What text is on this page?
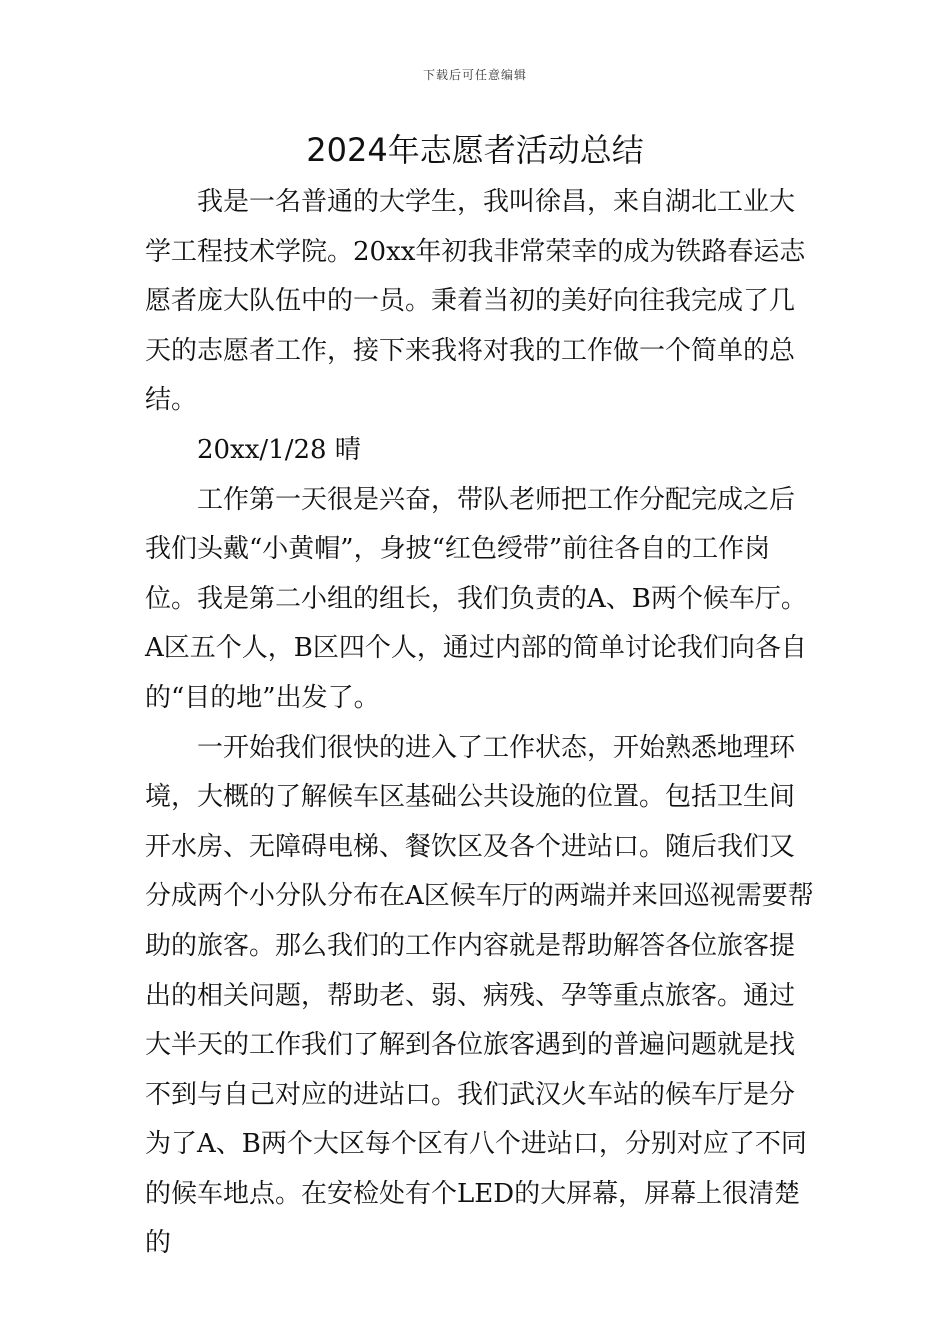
下载后可任意编辑
2024年志愿者活动总结

我是一名普通的大学生，我叫徐昌，来自湖北工业大学工程技术学院。20xx年初我非常荣幸的成为铁路春运志愿者庞大队伍中的一员。秉着当初的美好向往我完成了几天的志愿者工作，接下来我将对我的工作做一个简单的总结。

20xx/1/28 晴

工作第一天很是兴奋，带队老师把工作分配完成之后我们头戴“小黄帽”，身披“红色绶带”前往各自的工作岗位。我是第二小组的组长，我们负责的A、B两个候车厅。A区五个人，B区四个人，通过内部的简单讨论我们向各自的“目的地”出发了。

一开始我们很快的进入了工作状态，开始熟悉地理环境，大概的了解候车区基础公共设施的位置。包括卫生间开水房、无障碍电梯、餐饮区及各个进站口。随后我们又分成两个小分队分布在A区候车厅的两端并来回巡视需要帮助的旅客。那么我们的工作内容就是帮助解答各位旅客提出的相关问题，帮助老、弱、病残、孕等重点旅客。通过大半天的工作我们了解到各位旅客遇到的普遍问题就是找不到与自己对应的进站口。我们武汉火车站的候车厅是分为了A、B两个大区每个区有八个进站口，分别对应了不同的候车地点。在安检处有个LED的大屏幕，屏幕上很清楚的
